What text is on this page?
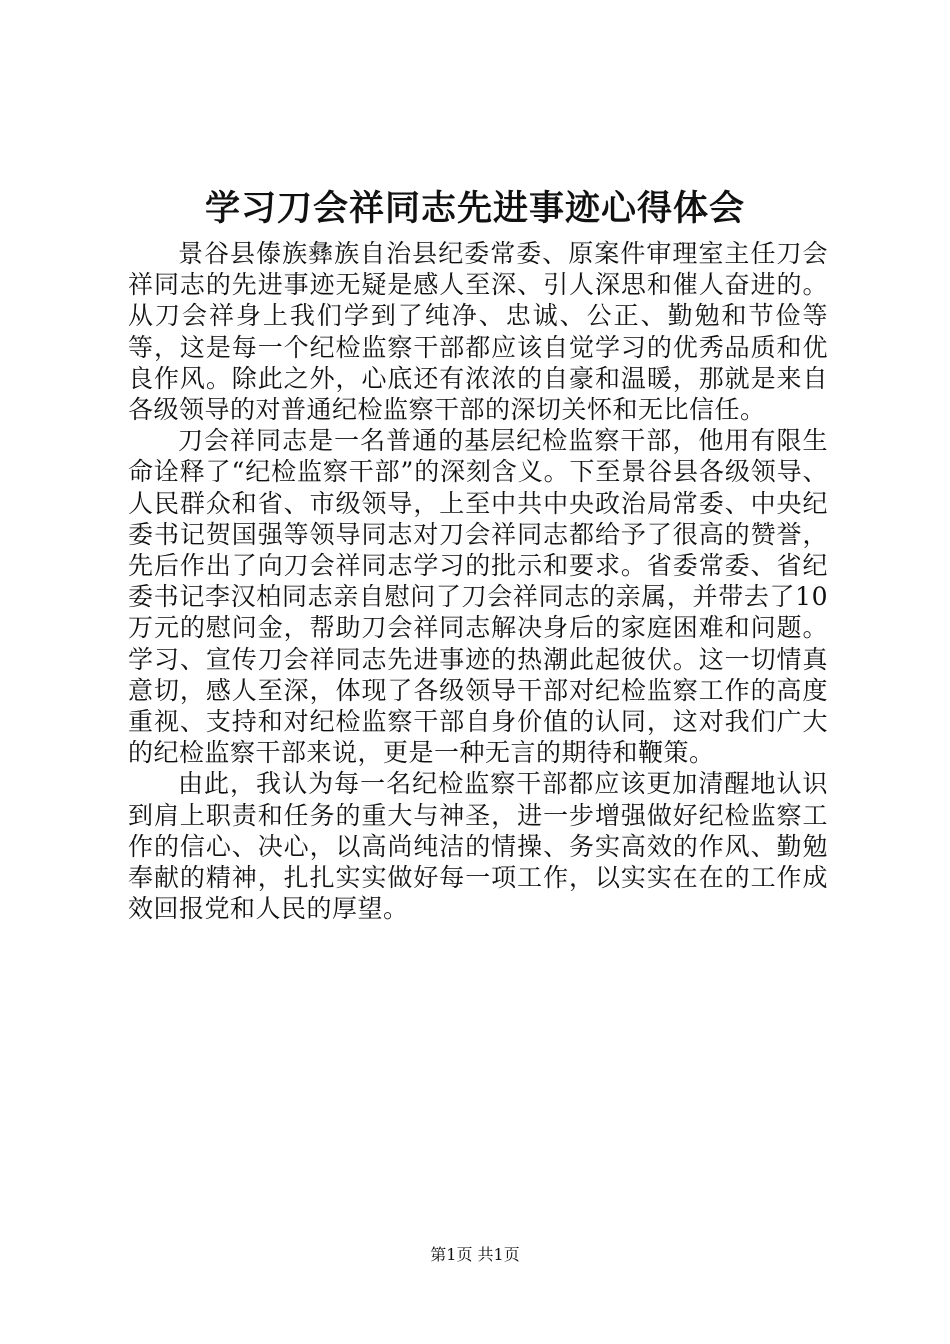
学习刀会祥同志先进事迹心得体会

景谷县傣族彝族自治县纪委常委、原案件审理室主任刀会祥同志的先进事迹无疑是感人至深、引人深思和催人奋进的。从刀会祥身上我们学到了纯净、忠诚、公正、勤勉和节俭等等，这是每一个纪检监察干部都应该自觉学习的优秀品质和优良作风。除此之外，心底还有浓浓的自豪和温暖，那就是来自各级领导的对普通纪检监察干部的深切关怀和无比信任。

刀会祥同志是一名普通的基层纪检监察干部，他用有限生命诠释了“纪检监察干部”的深刻含义。下至景谷县各级领导、人民群众和省、市级领导，上至中共中央政治局常委、中央纪委书记贺国强等领导同志对刀会祥同志都给予了很高的赞誉，先后作出了向刀会祥同志学习的批示和要求。省委常委、省纪委书记李汉柏同志亲自慰问了刀会祥同志的亲属，并带去了10万元的慰问金，帮助刀会祥同志解决身后的家庭困难和问题。学习、宣传刀会祥同志先进事迹的热潮此起彼伏。这一切情真意切，感人至深，体现了各级领导干部对纪检监察工作的高度重视、支持和对纪检监察干部自身价值的认同，这对我们广大的纪检监察干部来说，更是一种无言的期待和鞭策。

由此，我认为每一名纪检监察干部都应该更加清醒地认识到肩上职责和任务的重大与神圣，进一步增强做好纪检监察工作的信心、决心，以高尚纯洁的情操、务实高效的作风、勤勉奉献的精神，扎扎实实做好每一项工作，以实实在在的工作成效回报党和人民的厚望。

第1页 共1页
